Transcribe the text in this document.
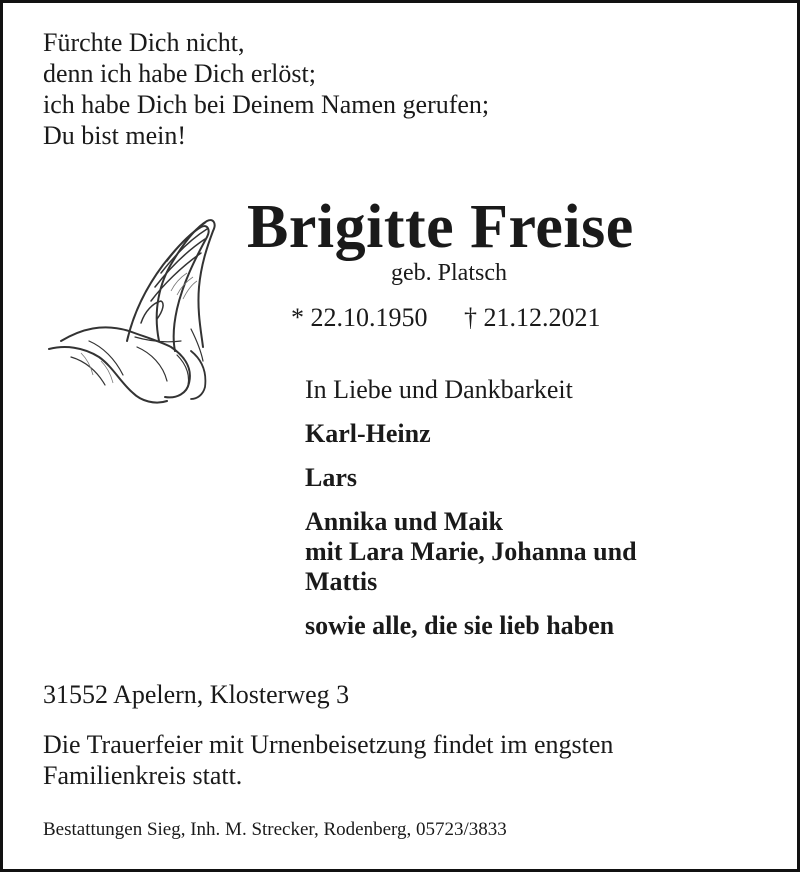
Fürchte Dich nicht,
denn ich habe Dich erlöst;
ich habe Dich bei Deinem Namen gerufen;
Du bist mein!
Brigitte Freise
geb. Platsch
* 22.10.1950 † 21.12.2021
In Liebe und Dankbarkeit
Karl-Heinz
Lars
Annika und Maik
mit Lara Marie, Johanna und
Mattis
sowie alle, die sie lieb haben
31552 Apelern, Klosterweg 3
Die Trauerfeier mit Urnenbeisetzung findet im engsten
Familienkreis statt.
Bestattungen Sieg, Inh. M. Strecker, Rodenberg, 05723/3833
